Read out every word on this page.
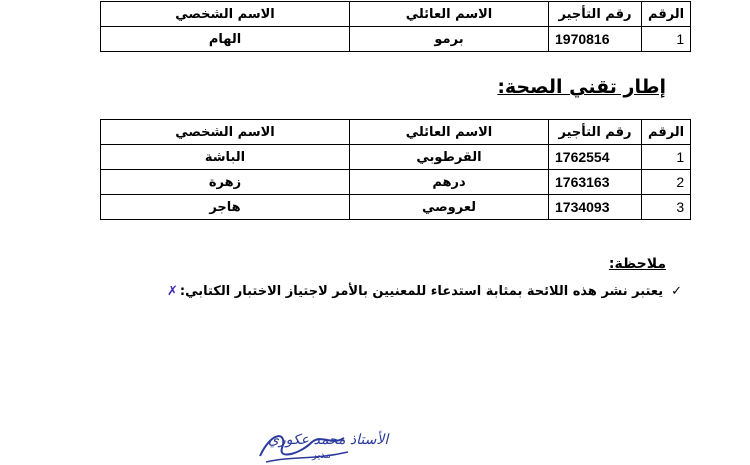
الرقم	رقم التأجير	الاسم العائلي	الاسم الشخصي
1	1970816	برمو	الهام
إطار تقني الصحة:
الرقم	رقم التأجير	الاسم العائلي	الاسم الشخصي
1	1762554	القرطوبي	الباشة
2	1763163	درهم	زهرة
3	1734093	لعروصي	هاجر
ملاحظة:
✓يعتبر نشر هذه اللائحة بمثابة استدعاء للمعنيين بالأمر لاجتياز الاختبار الكتابي:✗
الأستاذ محمد عكوري
مدير
